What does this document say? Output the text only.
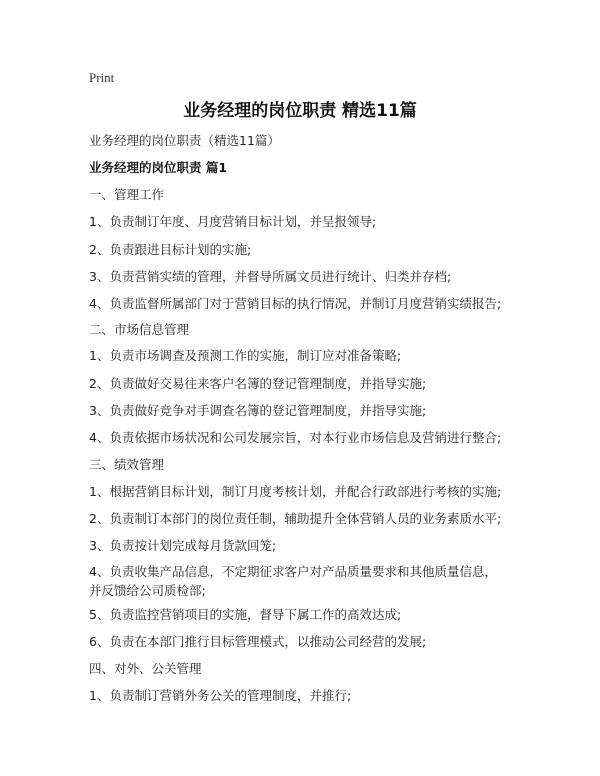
Print
业务经理的岗位职责 精选11篇
业务经理的岗位职责（精选11篇）
业务经理的岗位职责 篇1
一、管理工作
1、负责制订年度、月度营销目标计划，并呈报领导;
2、负责跟进目标计划的实施;
3、负责营销实绩的管理，并督导所属文员进行统计、归类并存档;
4、负责监督所属部门对于营销目标的执行情况，并制订月度营销实绩报告;
二、市场信息管理
1、负责市场调查及预测工作的实施，制订应对准备策略;
2、负责做好交易往来客户名簿的登记管理制度，并指导实施;
3、负责做好竞争对手调查名簿的登记管理制度，并指导实施;
4、负责依据市场状况和公司发展宗旨，对本行业市场信息及营销进行整合;
三、绩效管理
1、根据营销目标计划，制订月度考核计划，并配合行政部进行考核的实施;
2、负责制订本部门的岗位责任制，辅助提升全体营销人员的业务素质水平;
3、负责按计划完成每月货款回笼;
4、负责收集产品信息，不定期征求客户对产品质量要求和其他质量信息，并反馈给公司质检部;
5、负责监控营销项目的实施，督导下属工作的高效达成;
6、负责在本部门推行目标管理模式，以推动公司经营的发展;
四、对外、公关管理
1、负责制订营销外务公关的管理制度，并推行;
